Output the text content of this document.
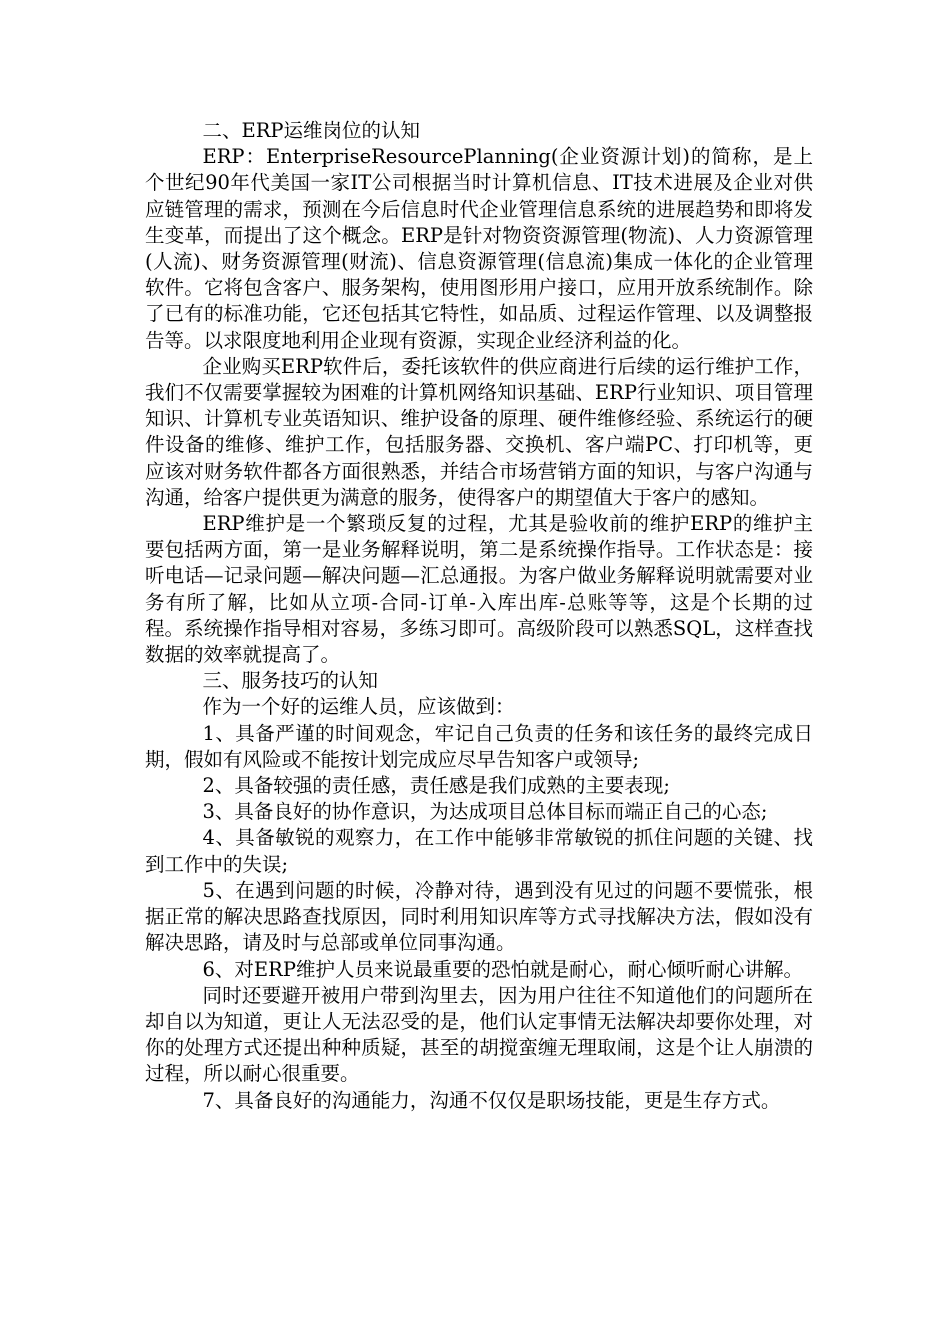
二、ERP运维岗位的认知

ERP：EnterpriseResourcePlanning(企业资源计划)的简称，是上个世纪90年代美国一家IT公司根据当时计算机信息、IT技术进展及企业对供应链管理的需求，预测在今后信息时代企业管理信息系统的进展趋势和即将发生变革，而提出了这个概念。ERP是针对物资资源管理(物流)、人力资源管理(人流)、财务资源管理(财流)、信息资源管理(信息流)集成一体化的企业管理软件。它将包含客户、服务架构，使用图形用户接口，应用开放系统制作。除了已有的标准功能，它还包括其它特性，如品质、过程运作管理、以及调整报告等。以求限度地利用企业现有资源，实现企业经济利益的化。

企业购买ERP软件后，委托该软件的供应商进行后续的运行维护工作，我们不仅需要掌握较为困难的计算机网络知识基础、ERP行业知识、项目管理知识、计算机专业英语知识、维护设备的原理、硬件维修经验、系统运行的硬件设备的维修、维护工作，包括服务器、交换机、客户端PC、打印机等，更应该对财务软件都各方面很熟悉，并结合市场营销方面的知识，与客户沟通与沟通，给客户提供更为满意的服务，使得客户的期望值大于客户的感知。

ERP维护是一个繁琐反复的过程，尤其是验收前的维护ERP的维护主要包括两方面，第一是业务解释说明，第二是系统操作指导。工作状态是：接听电话—记录问题—解决问题—汇总通报。为客户做业务解释说明就需要对业务有所了解，比如从立项-合同-订单-入库出库-总账等等，这是个长期的过程。系统操作指导相对容易，多练习即可。高级阶段可以熟悉SQL，这样查找数据的效率就提高了。

三、服务技巧的认知

作为一个好的运维人员，应该做到：

1、具备严谨的时间观念，牢记自己负责的任务和该任务的最终完成日期，假如有风险或不能按计划完成应尽早告知客户或领导;

2、具备较强的责任感，责任感是我们成熟的主要表现;

3、具备良好的协作意识，为达成项目总体目标而端正自己的心态;

4、具备敏锐的观察力，在工作中能够非常敏锐的抓住问题的关键、找到工作中的失误;

5、在遇到问题的时候，冷静对待，遇到没有见过的问题不要慌张，根据正常的解决思路查找原因，同时利用知识库等方式寻找解决方法，假如没有解决思路，请及时与总部或单位同事沟通。

6、对ERP维护人员来说最重要的恐怕就是耐心，耐心倾听耐心讲解。

同时还要避开被用户带到沟里去，因为用户往往不知道他们的问题所在却自以为知道，更让人无法忍受的是，他们认定事情无法解决却要你处理，对你的处理方式还提出种种质疑，甚至的胡搅蛮缠无理取闹，这是个让人崩溃的过程，所以耐心很重要。

7、具备良好的沟通能力，沟通不仅仅是职场技能，更是生存方式。
